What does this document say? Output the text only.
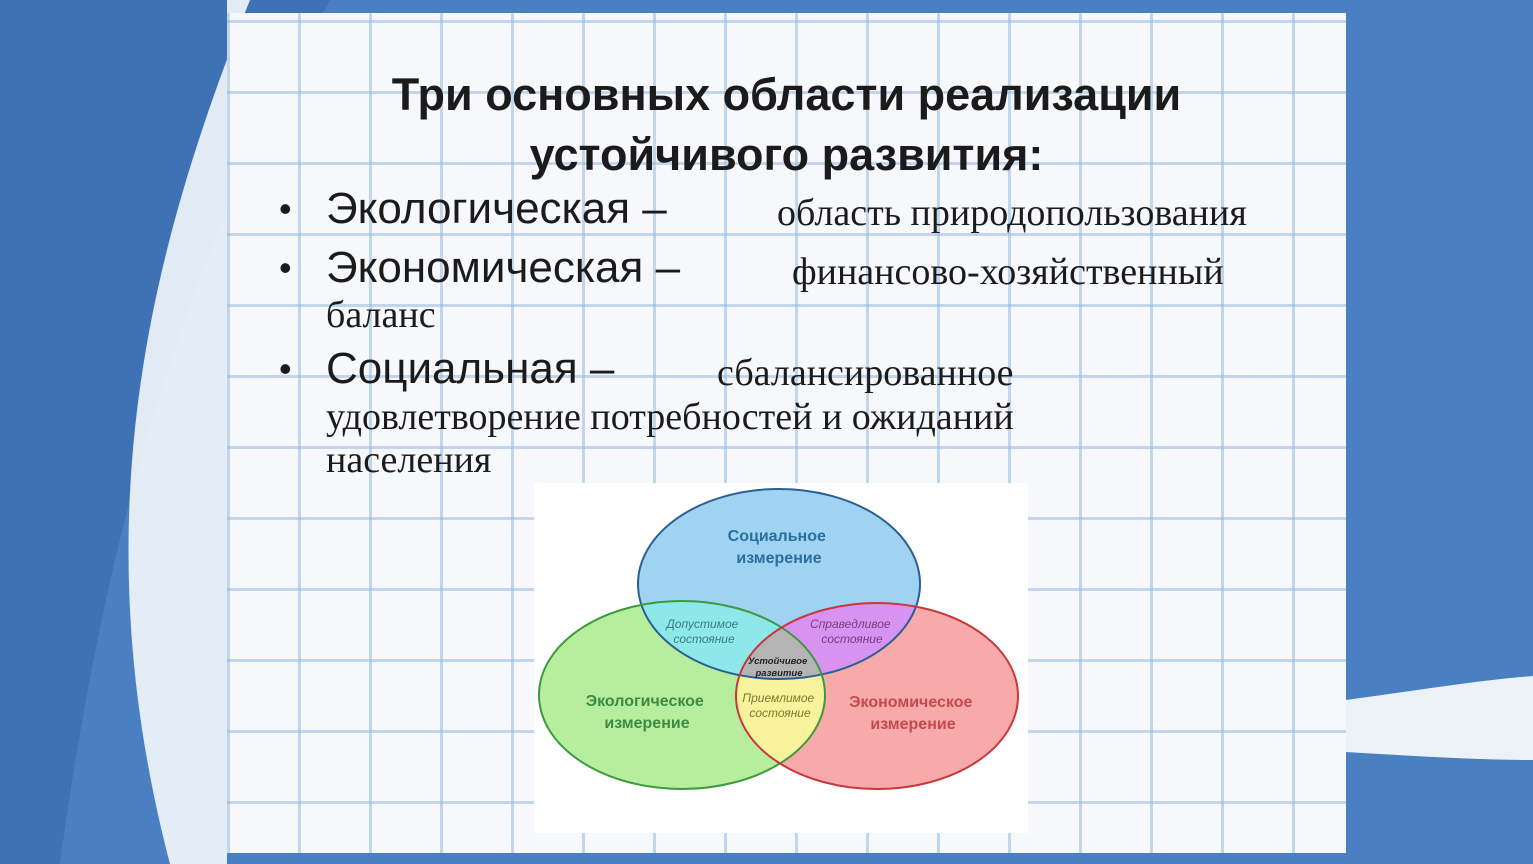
Три основных области реализации
устойчивого развития:
• Экологическая –	область природопользования
• Экономическая –	финансово-хозяйственный
баланс
• Социальная –	сбалансированное
удовлетворение потребностей и ожиданий
населения
Социальное измерение
Экологическое измерение
Экономическое измерение
Допустимое состояние
Справедливое состояние
Приемлимое состояние
Устойчивое развитие
